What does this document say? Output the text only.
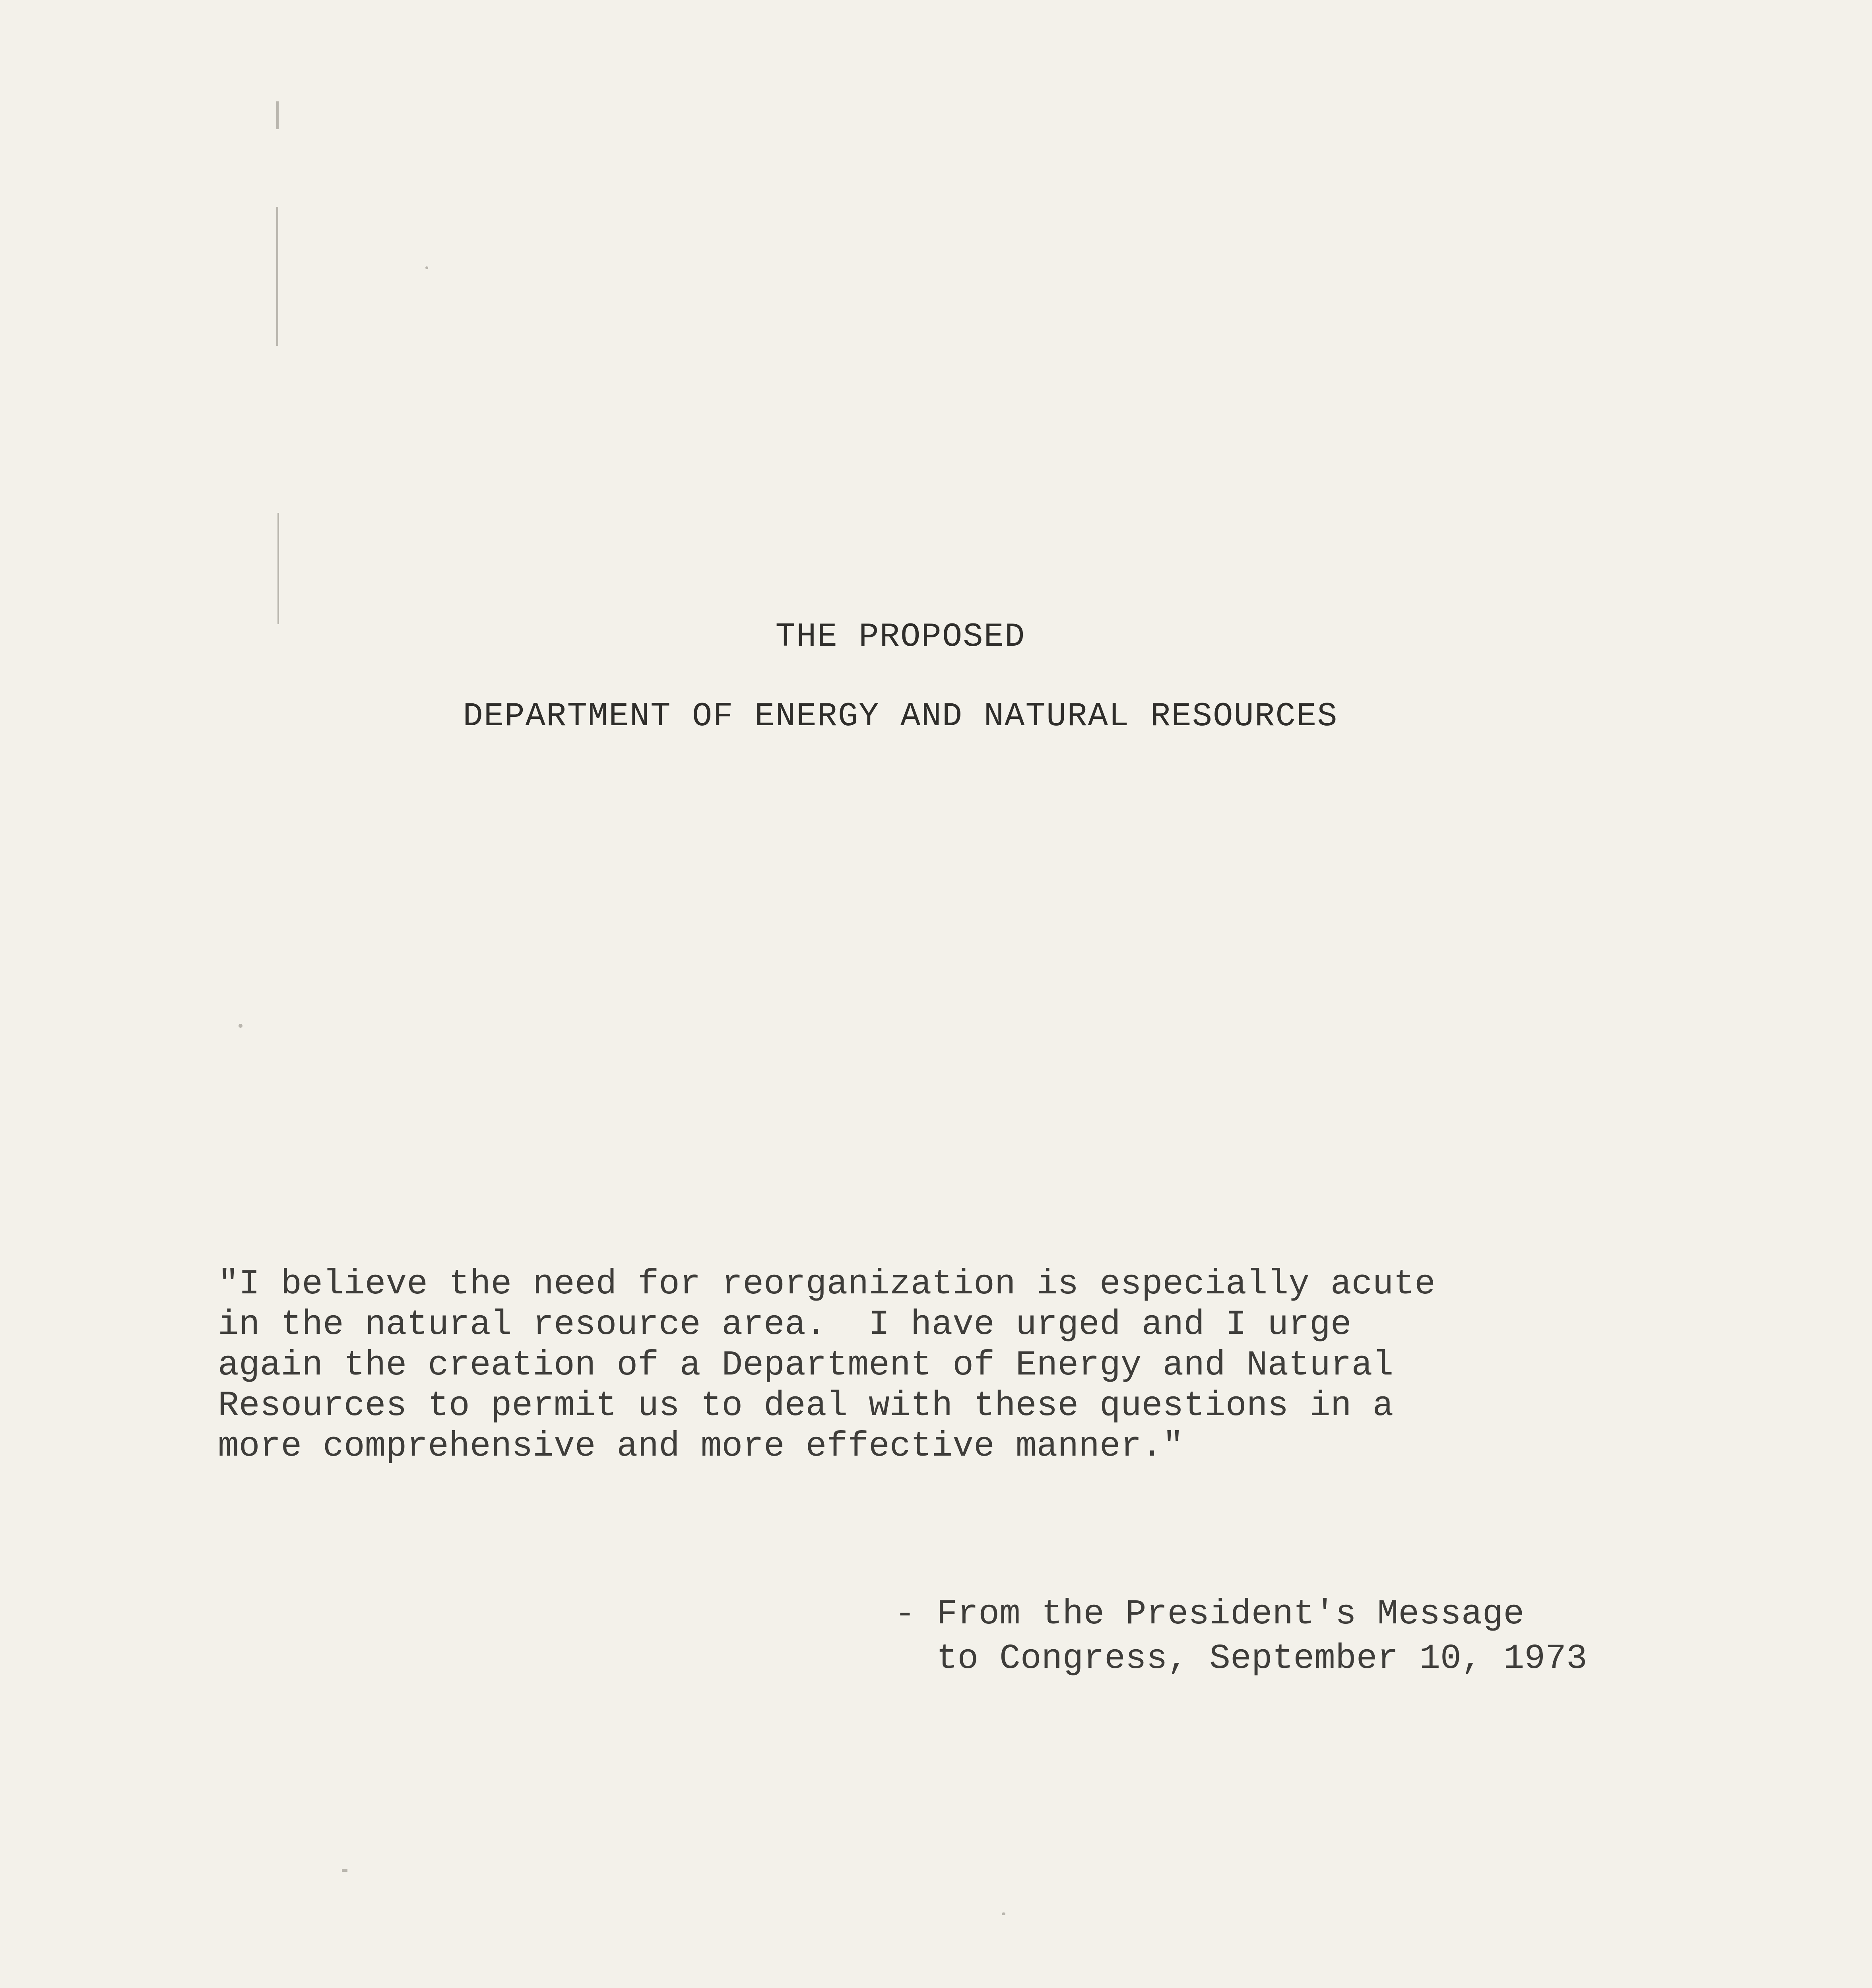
THE PROPOSED
DEPARTMENT OF ENERGY AND NATURAL RESOURCES
"I believe the need for reorganization is especially acute
in the natural resource area.  I have urged and I urge
again the creation of a Department of Energy and Natural
Resources to permit us to deal with these questions in a
more comprehensive and more effective manner."
- From the President's Message
to Congress, September 10, 1973
